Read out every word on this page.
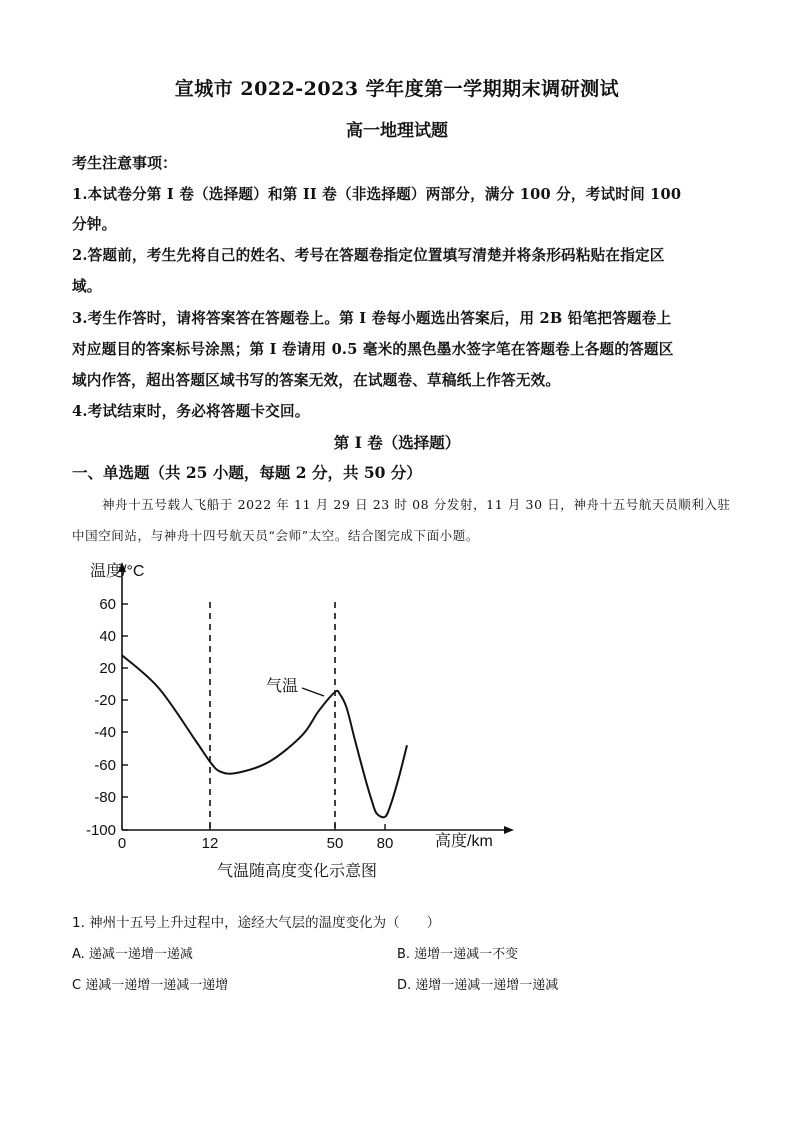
宣城市 2022-2023 学年度第一学期期末调研测试
高一地理试题
考生注意事项：
1.本试卷分第 I 卷（选择题）和第 II 卷（非选择题）两部分，满分 100 分，考试时间 100
分钟。
2.答题前，考生先将自己的姓名、考号在答题卷指定位置填写清楚并将条形码粘贴在指定区
域。
3.考生作答时，请将答案答在答题卷上。第 I 卷每小题选出答案后，用 2B 铅笔把答题卷上
对应题目的答案标号涂黑；第 I 卷请用 0.5 毫米的黑色墨水签字笔在答题卷上各题的答题区
域内作答，超出答题区域书写的答案无效，在试题卷、草稿纸上作答无效。
4.考试结束时，务必将答题卡交回。
第 I 卷（选择题）
一、单选题（共 25 小题，每题 2 分，共 50 分）
神舟十五号载人飞船于 2022 年 11 月 29 日 23 时 08 分发射，11 月 30 日，神舟十五号航天员顺利入驻
中国空间站，与神舟十四号航天员“会师”太空。结合图完成下面小题。
60
40
20
-20
-40
-60
-80
-100
0	12	50 80
温度/°C
高度/km
气温
气温随高度变化示意图
1. 神州十五号上升过程中，途经大气层的温度变化为（　　）
A. 递减一递增一递减	B. 递增一递减一不变
C 递减一递增一递减一递增	D. 递增一递减一递增一递减
